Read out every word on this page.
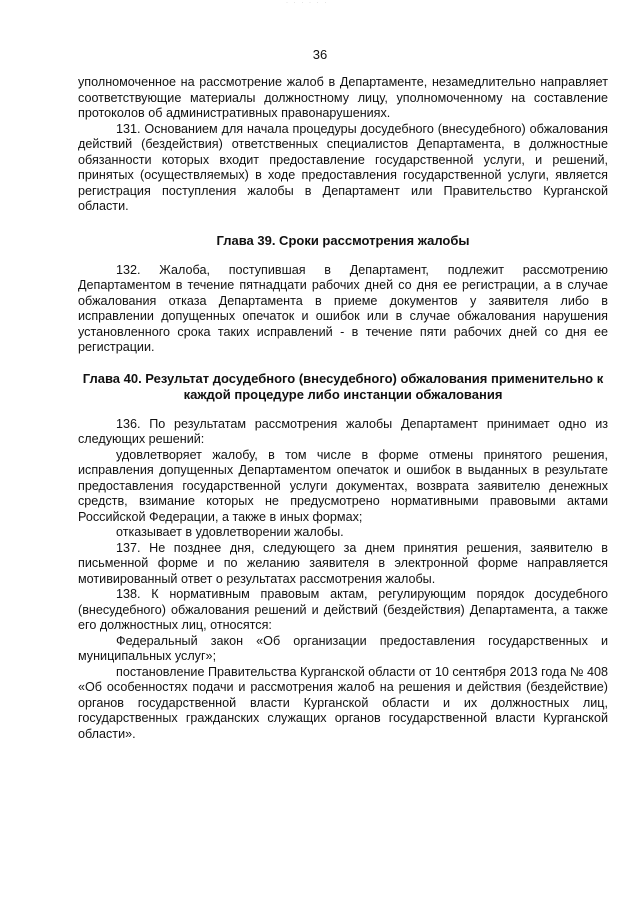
· · · · · ·
36

уполномоченное на рассмотрение жалоб в Департаменте, незамедлительно направляет соответствующие материалы должностному лицу, уполномоченному на составление протоколов об административных правонарушениях.

131. Основанием для начала процедуры досудебного (внесудебного) обжалования действий (бездействия) ответственных специалистов Департамента, в должностные обязанности которых входит предоставление государственной услуги, и решений, принятых (осуществляемых) в ходе предоставления государственной услуги, является регистрация поступления жалобы в Департамент или Правительство Курганской области.

Глава 39. Сроки рассмотрения жалобы

132. Жалоба, поступившая в Департамент, подлежит рассмотрению Департаментом в течение пятнадцати рабочих дней со дня ее регистрации, а в случае обжалования отказа Департамента в приеме документов у заявителя либо в исправлении допущенных опечаток и ошибок или в случае обжалования нарушения установленного срока таких исправлений - в течение пяти рабочих дней со дня ее регистрации.

Глава 40. Результат досудебного (внесудебного) обжалования применительно к каждой процедуре либо инстанции обжалования

136. По результатам рассмотрения жалобы Департамент принимает одно из следующих решений:

удовлетворяет жалобу, в том числе в форме отмены принятого решения, исправления допущенных Департаментом опечаток и ошибок в выданных в результате предоставления государственной услуги документах, возврата заявителю денежных средств, взимание которых не предусмотрено нормативными правовыми актами Российской Федерации, а также в иных формах;

отказывает в удовлетворении жалобы.

137. Не позднее дня, следующего за днем принятия решения, заявителю в письменной форме и по желанию заявителя в электронной форме направляется мотивированный ответ о результатах рассмотрения жалобы.

138. К нормативным правовым актам, регулирующим порядок досудебного (внесудебного) обжалования решений и действий (бездействия) Департамента, а также его должностных лиц, относятся:

Федеральный закон «Об организации предоставления государственных и муниципальных услуг»;

постановление Правительства Курганской области от 10 сентября 2013 года № 408 «Об особенностях подачи и рассмотрения жалоб на решения и действия (бездействие) органов государственной власти Курганской области и их должностных лиц, государственных гражданских служащих органов государственной власти Курганской области».
